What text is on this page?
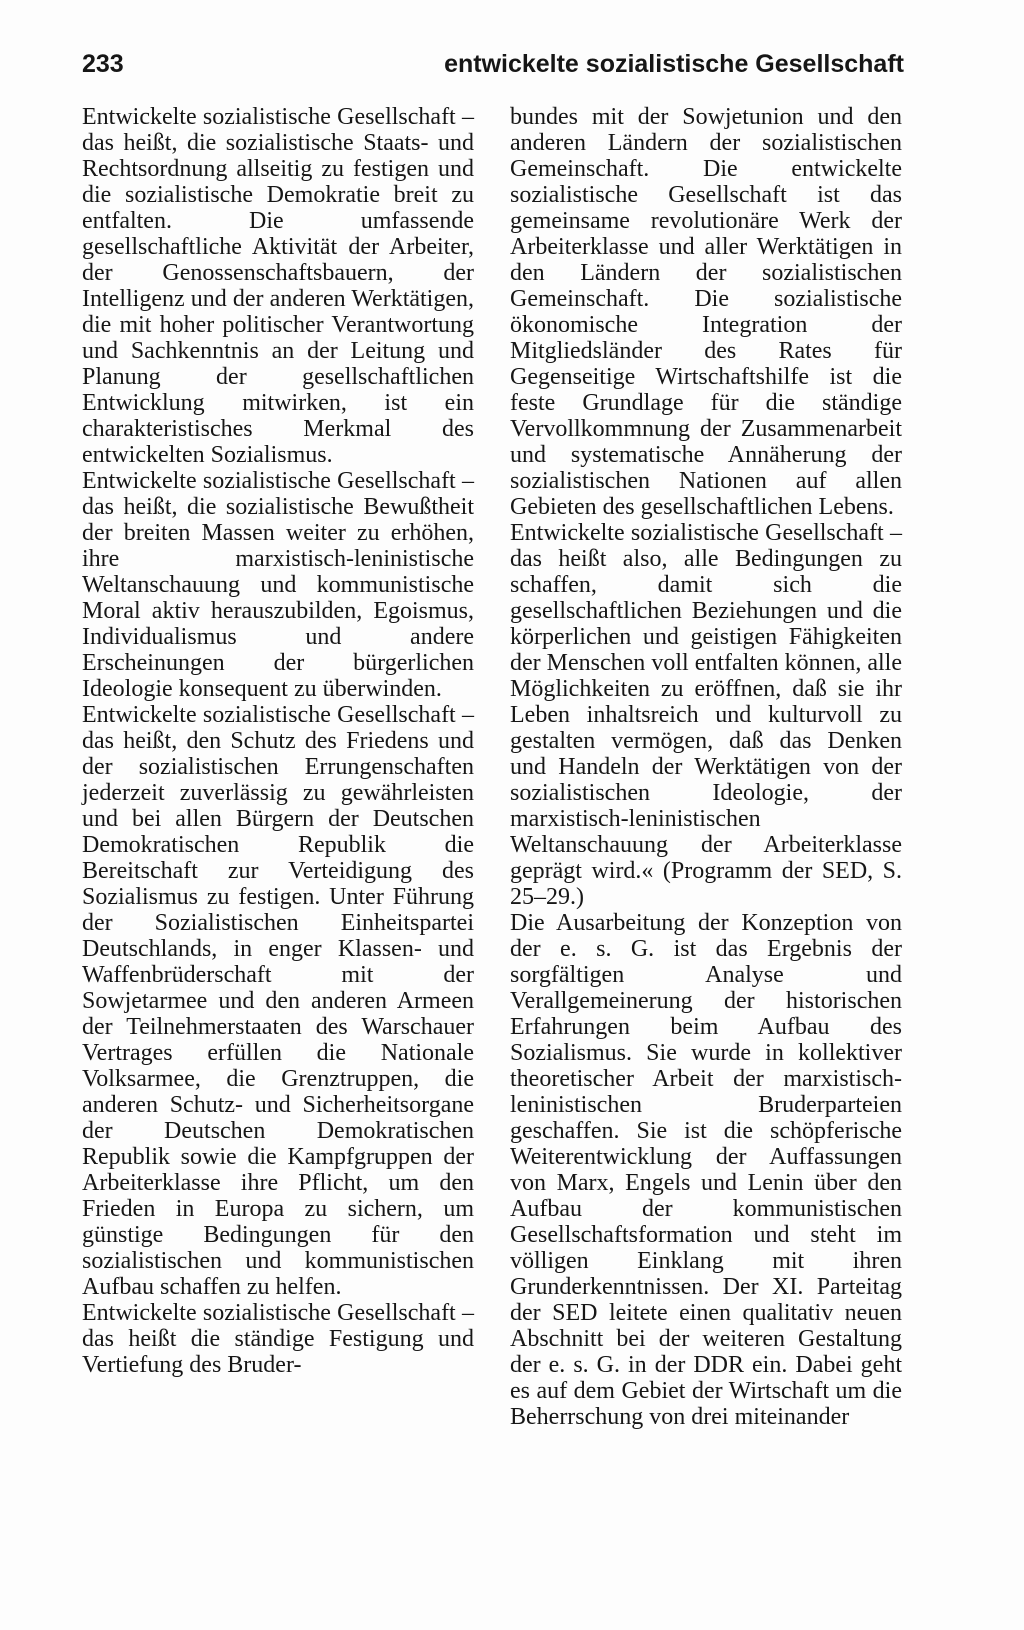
233	entwickelte sozialistische Gesellschaft

Entwickelte sozialistische Gesellschaft – das heißt, die sozialistische Staats- und Rechtsordnung allseitig zu festigen und die sozialistische Demokratie breit zu entfalten. Die umfassende gesellschaftliche Aktivität der Arbeiter, der Genossenschaftsbauern, der Intelligenz und der anderen Werktätigen, die mit hoher politischer Verantwortung und Sachkenntnis an der Leitung und Planung der gesellschaftlichen Entwicklung mitwirken, ist ein charakteristisches Merkmal des entwickelten Sozialismus.

Entwickelte sozialistische Gesellschaft – das heißt, die sozialistische Bewußtheit der breiten Massen weiter zu erhöhen, ihre marxistisch-leninistische Weltanschauung und kommunistische Moral aktiv herauszubilden, Egoismus, Individualismus und andere Erscheinungen der bürgerlichen Ideologie konsequent zu überwinden.

Entwickelte sozialistische Gesellschaft – das heißt, den Schutz des Friedens und der sozialistischen Errungenschaften jederzeit zuverlässig zu gewährleisten und bei allen Bürgern der Deutschen Demokratischen Republik die Bereitschaft zur Verteidigung des Sozialismus zu festigen. Unter Führung der Sozialistischen Einheitspartei Deutschlands, in enger Klassen- und Waffenbrüderschaft mit der Sowjetarmee und den anderen Armeen der Teilnehmerstaaten des Warschauer Vertrages erfüllen die Nationale Volksarmee, die Grenztruppen, die anderen Schutz- und Sicherheitsorgane der Deutschen Demokratischen Republik sowie die Kampfgruppen der Arbeiterklasse ihre Pflicht, um den Frieden in Europa zu sichern, um günstige Bedingungen für den sozialistischen und kommunistischen Aufbau schaffen zu helfen.

Entwickelte sozialistische Gesellschaft – das heißt die ständige Festigung und Vertiefung des Bruder-

bundes mit der Sowjetunion und den anderen Ländern der sozialistischen Gemeinschaft. Die entwickelte sozialistische Gesellschaft ist das gemeinsame revolutionäre Werk der Arbeiterklasse und aller Werktätigen in den Ländern der sozialistischen Gemeinschaft. Die sozialistische ökonomische Integration der Mitgliedsländer des Rates für Gegenseitige Wirtschaftshilfe ist die feste Grundlage für die ständige Vervollkommnung der Zusammenarbeit und systematische Annäherung der sozialistischen Nationen auf allen Gebieten des gesellschaftlichen Lebens.

Entwickelte sozialistische Gesellschaft – das heißt also, alle Bedingungen zu schaffen, damit sich die gesellschaftlichen Beziehungen und die körperlichen und geistigen Fähigkeiten der Menschen voll entfalten können, alle Möglichkeiten zu eröffnen, daß sie ihr Leben inhaltsreich und kulturvoll zu gestalten vermögen, daß das Denken und Handeln der Werktätigen von der sozialistischen Ideologie, der marxistisch-leninistischen Weltanschauung der Arbeiterklasse geprägt wird.« (Programm der SED, S. 25–29.)

Die Ausarbeitung der Konzeption von der e. s. G. ist das Ergebnis der sorgfältigen Analyse und Verallgemeinerung der historischen Erfahrungen beim Aufbau des Sozialismus. Sie wurde in kollektiver theoretischer Arbeit der marxistisch-leninistischen Bruderparteien geschaffen. Sie ist die schöpferische Weiterentwicklung der Auffassungen von Marx, Engels und Lenin über den Aufbau der kommunistischen Gesellschaftsformation und steht im völligen Einklang mit ihren Grunderkenntnissen. Der XI. Parteitag der SED leitete einen qualitativ neuen Abschnitt bei der weiteren Gestaltung der e. s. G. in der DDR ein. Dabei geht es auf dem Gebiet der Wirtschaft um die Beherrschung von drei miteinander
